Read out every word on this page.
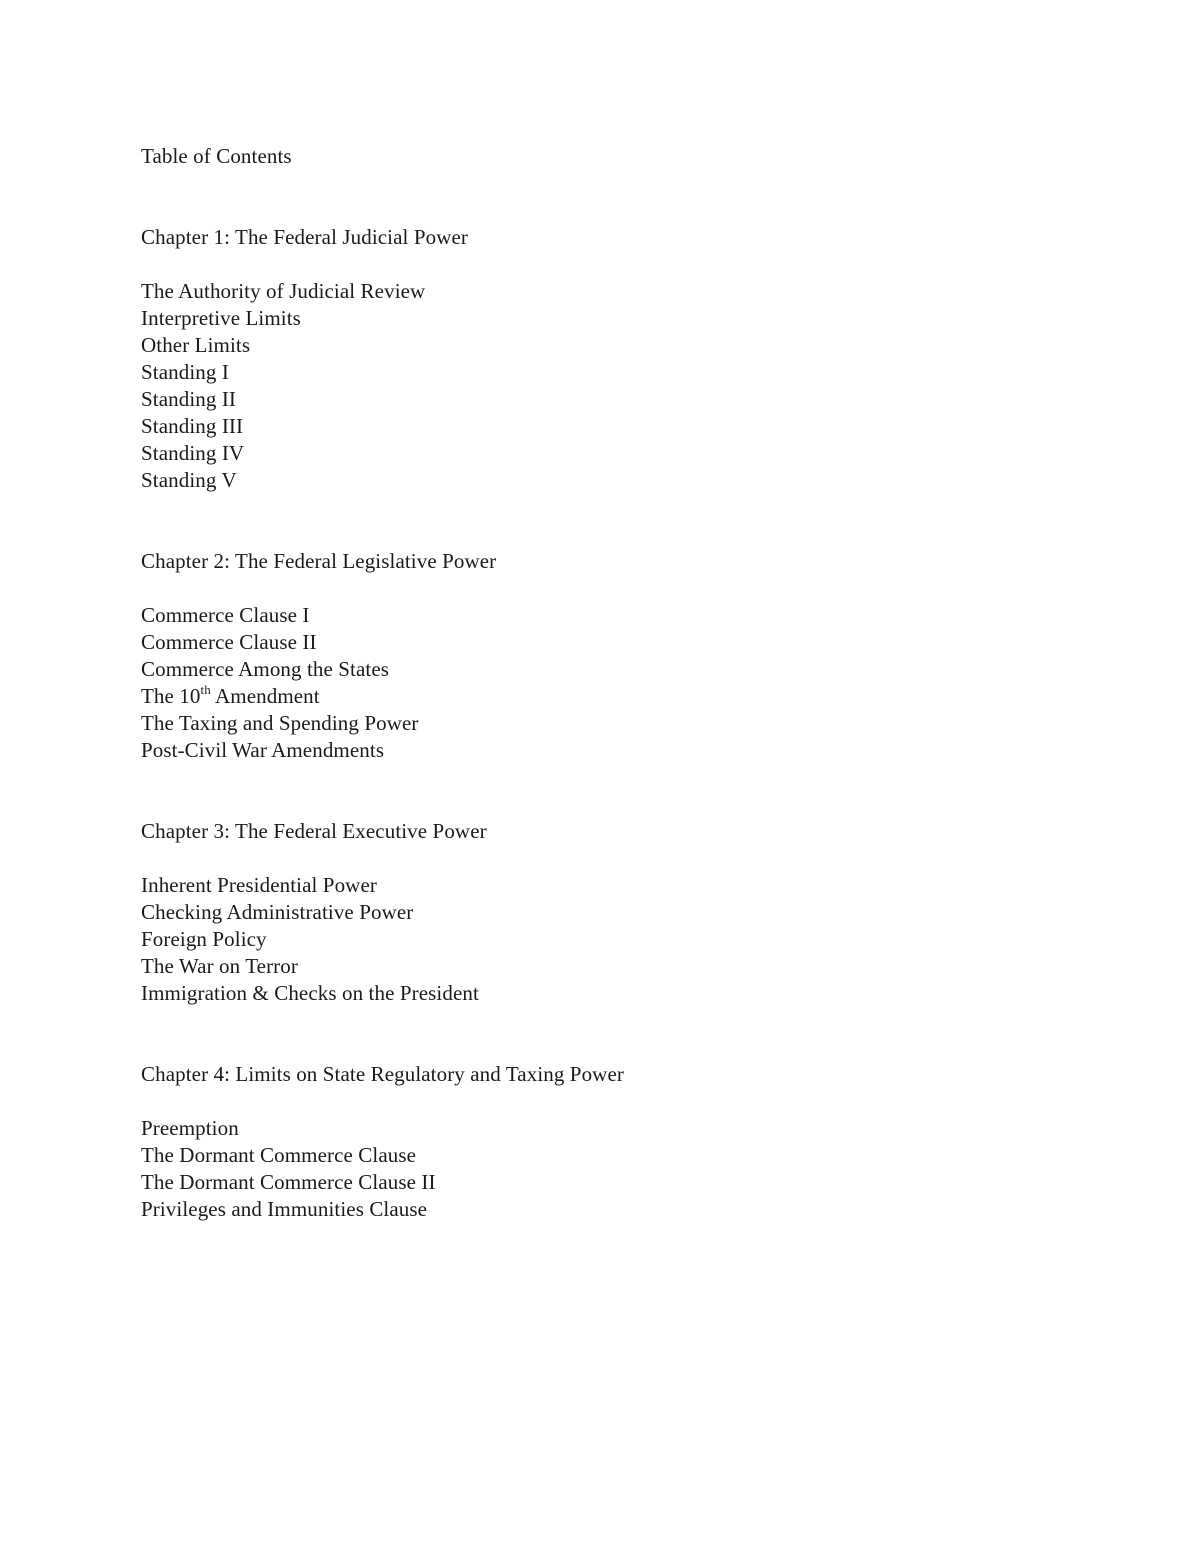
Table of Contents
Chapter 1: The Federal Judicial Power
The Authority of Judicial Review
Interpretive Limits
Other Limits
Standing I
Standing II
Standing III
Standing IV
Standing V
Chapter 2: The Federal Legislative Power
Commerce Clause I
Commerce Clause II
Commerce Among the States
The 10th Amendment
The Taxing and Spending Power
Post-Civil War Amendments
Chapter 3: The Federal Executive Power
Inherent Presidential Power
Checking Administrative Power
Foreign Policy
The War on Terror
Immigration & Checks on the President
Chapter 4: Limits on State Regulatory and Taxing Power
Preemption
The Dormant Commerce Clause
The Dormant Commerce Clause II
Privileges and Immunities Clause
